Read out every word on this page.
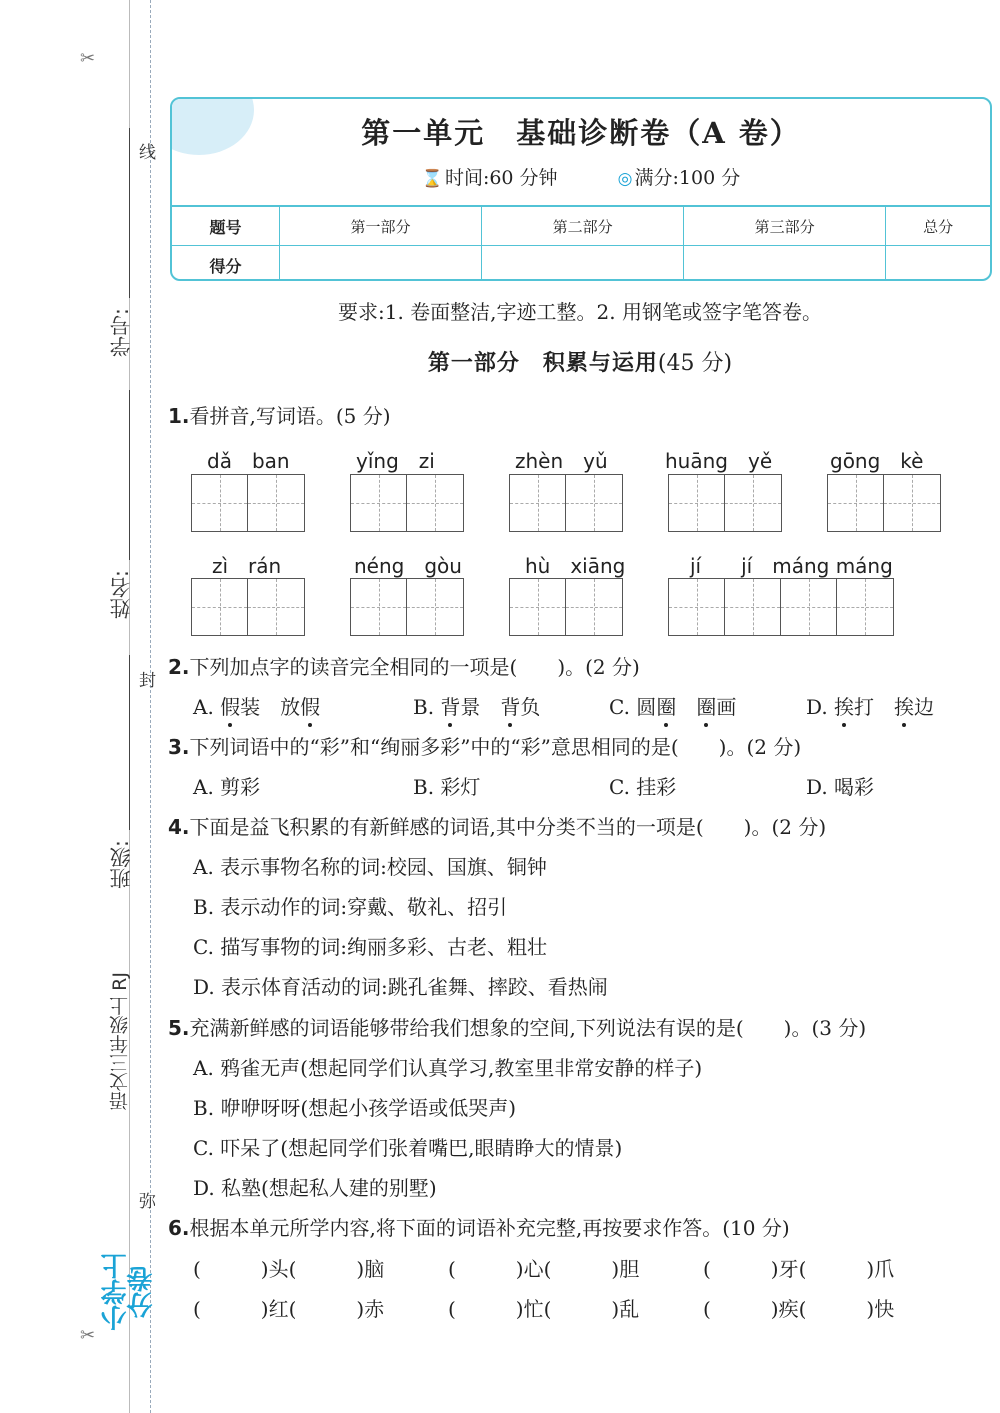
✂
✂
线
封
弥
学号:
姓名:
班级:
语文三年级上 RJ
小学上分卷
第一单元　基础诊断卷（A 卷）
⌛ 时间:60 分钟	◎ 满分:100 分
题号	第一部分	第二部分	第三部分	总分
得分				
要求:1. 卷面整洁,字迹工整。2. 用钢笔或签字笔答卷。
第一部分　积累与运用(45 分)
1.看拼音,写词语。(5 分)
dǎ　ban	yǐng　zi	zhèn　yǔ	huāng　yě	gōng　kè
zì　rán	néng　gòu	hù　xiāng	jí　　jí　máng máng
2.下列加点字的读音完全相同的一项是(　　)。(2 分)
A. 假装　放假	B. 背景　背负	C. 圆圈　 圈画	D. 挨打　挨边
3.下列词语中的“彩”和“绚丽多彩”中的“彩”意思相同的是(　　)。(2 分)
A. 剪彩	B. 彩灯	C. 挂彩	D. 喝彩
4.下面是益飞积累的有新鲜感的词语,其中分类不当的一项是(　　)。(2 分)
A. 表示事物名称的词:校园、国旗、铜钟
B. 表示动作的词:穿戴、敬礼、招引
C. 描写事物的词:绚丽多彩、古老、粗壮
D. 表示体育活动的词:跳孔雀舞、摔跤、看热闹
5.充满新鲜感的词语能够带给我们想象的空间,下列说法有误的是(　　)。(3 分)
A. 鸦雀无声(想起同学们认真学习,教室里非常安静的样子)
B. 咿咿呀呀(想起小孩学语或低哭声)
C. 吓呆了(想起同学们张着嘴巴,眼睛睁大的情景)
D. 私塾(想起私人建的别墅)
6.根据本单元所学内容,将下面的词语补充完整,再按要求作答。(10 分)
(　　　)头(　　　)脑	(　　　)心(　　　)胆	(　　　)牙(　　　)爪
(　　　)红(　　　)赤	(　　　)忙(　　　)乱	(　　　)疾(　　　)快
